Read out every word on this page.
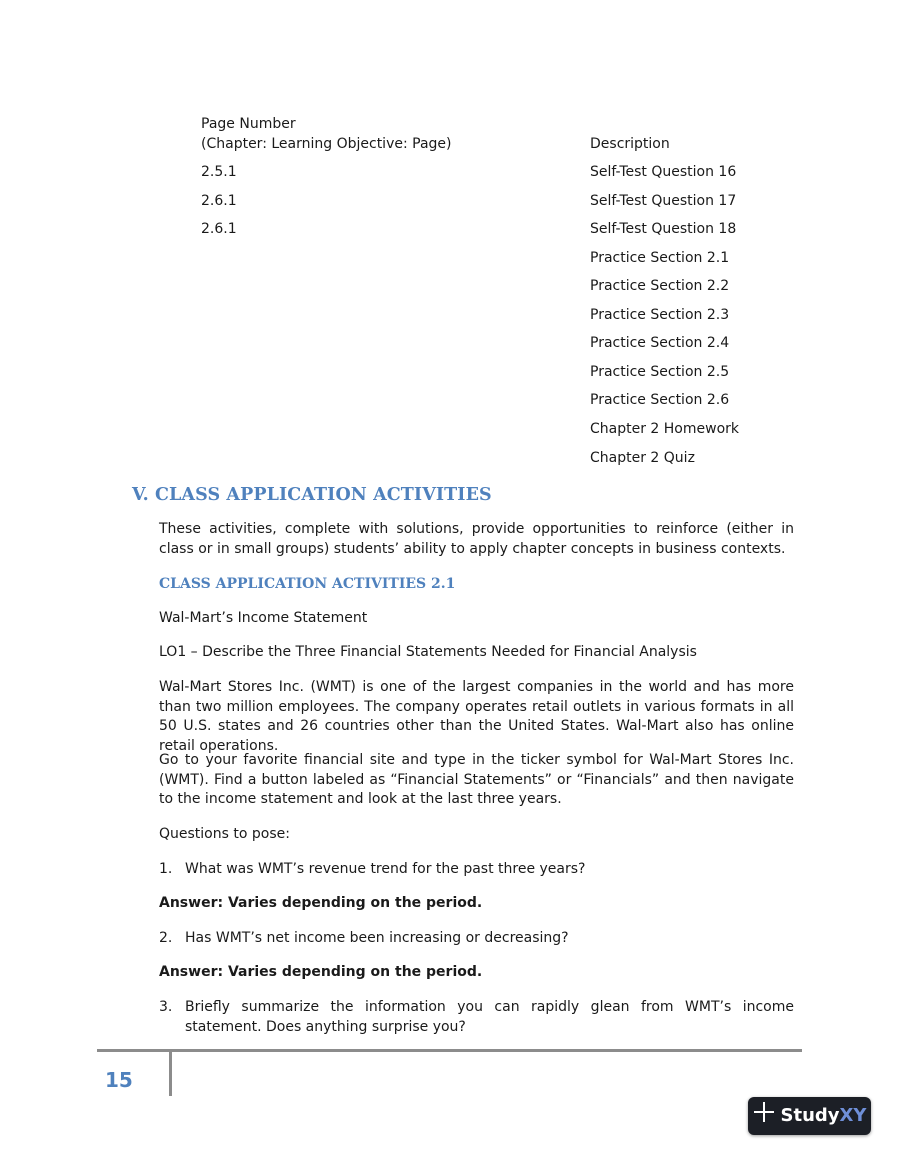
Page Number
(Chapter: Learning Objective: Page)	Description
2.5.1
2.6.1
2.6.1
Self-Test Question 16
Self-Test Question 17
Self-Test Question 18
Practice Section 2.1
Practice Section 2.2
Practice Section 2.3
Practice Section 2.4
Practice Section 2.5
Practice Section 2.6
Chapter 2 Homework
Chapter 2 Quiz
V. CLASS APPLICATION ACTIVITIES

These activities, complete with solutions, provide opportunities to reinforce (either in class or in small groups) students’ ability to apply chapter concepts in business contexts.

CLASS APPLICATION ACTIVITIES 2.1

Wal-Mart’s Income Statement

LO1 – Describe the Three Financial Statements Needed for Financial Analysis

Wal-Mart Stores Inc. (WMT) is one of the largest companies in the world and has more than two million employees. The company operates retail outlets in various formats in all 50 U.S. states and 26 countries other than the United States. Wal-Mart also has online retail operations.

Go to your favorite financial site and type in the ticker symbol for Wal-Mart Stores Inc. (WMT). Find a button labeled as “Financial Statements” or “Financials” and then navigate to the income statement and look at the last three years.

Questions to pose:

1. What was WMT’s revenue trend for the past three years?
Answer: Varies depending on the period.
2. Has WMT’s net income been increasing or decreasing?
Answer: Varies depending on the period.
3. Briefly summarize the information you can rapidly glean from WMT’s income statement. Does anything surprise you?
15
StudyXY
